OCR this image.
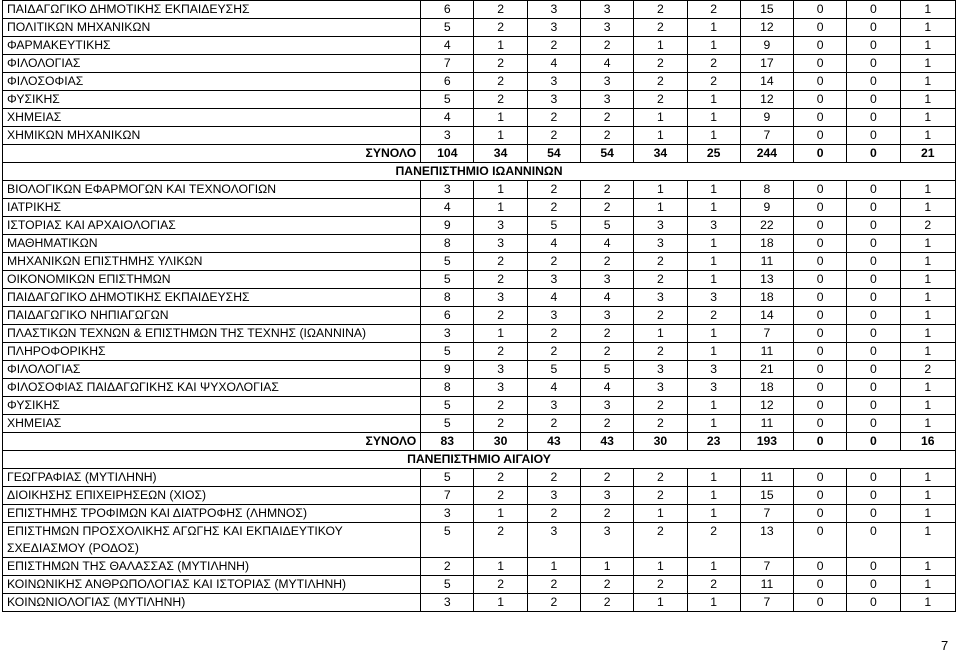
ΠΑΙΔΑΓΩΓΙΚΟ ΔΗΜΟΤΙΚΗΣ ΕΚΠΑΙΔΕΥΣΗΣ	6	2	3	3	2	2	15	0	0	1
ΠΟΛΙΤΙΚΩΝ ΜΗΧΑΝΙΚΩΝ	5	2	3	3	2	1	12	0	0	1
ΦΑΡΜΑΚΕΥΤΙΚΗΣ	4	1	2	2	1	1	9	0	0	1
ΦΙΛΟΛΟΓΙΑΣ	7	2	4	4	2	2	17	0	0	1
ΦΙΛΟΣΟΦΙΑΣ	6	2	3	3	2	2	14	0	0	1
ΦΥΣΙΚΗΣ	5	2	3	3	2	1	12	0	0	1
ΧΗΜΕΙΑΣ	4	1	2	2	1	1	9	0	0	1
ΧΗΜΙΚΩΝ ΜΗΧΑΝΙΚΩΝ	3	1	2	2	1	1	7	0	0	1
ΣΥΝΟΛΟ	104	34	54	54	34	25	244	0	0	21
ΠΑΝΕΠΙΣΤΗΜΙΟ ΙΩΑΝΝΙΝΩΝ										
ΒΙΟΛΟΓΙΚΩΝ ΕΦΑΡΜΟΓΩΝ ΚΑΙ ΤΕΧΝΟΛΟΓΙΩΝ	3	1	2	2	1	1	8	0	0	1
ΙΑΤΡΙΚΗΣ	4	1	2	2	1	1	9	0	0	1
ΙΣΤΟΡΙΑΣ ΚΑΙ ΑΡΧΑΙΟΛΟΓΙΑΣ	9	3	5	5	3	3	22	0	0	2
ΜΑΘΗΜΑΤΙΚΩΝ	8	3	4	4	3	1	18	0	0	1
ΜΗΧΑΝΙΚΩΝ ΕΠΙΣΤΗΜΗΣ ΥΛΙΚΩΝ	5	2	2	2	2	1	11	0	0	1
ΟΙΚΟΝΟΜΙΚΩΝ ΕΠΙΣΤΗΜΩΝ	5	2	3	3	2	1	13	0	0	1
ΠΑΙΔΑΓΩΓΙΚΟ ΔΗΜΟΤΙΚΗΣ ΕΚΠΑΙΔΕΥΣΗΣ	8	3	4	4	3	3	18	0	0	1
ΠΑΙΔΑΓΩΓΙΚΟ ΝΗΠΙΑΓΩΓΩΝ	6	2	3	3	2	2	14	0	0	1
ΠΛΑΣΤΙΚΩΝ ΤΕΧΝΩΝ & ΕΠΙΣΤΗΜΩΝ ΤΗΣ ΤΕΧΝΗΣ (ΙΩΑΝΝΙΝΑ)	3	1	2	2	1	1	7	0	0	1
ΠΛΗΡΟΦΟΡΙΚΗΣ	5	2	2	2	2	1	11	0	0	1
ΦΙΛΟΛΟΓΙΑΣ	9	3	5	5	3	3	21	0	0	2
ΦΙΛΟΣΟΦΙΑΣ ΠΑΙΔΑΓΩΓΙΚΗΣ ΚΑΙ ΨΥΧΟΛΟΓΙΑΣ	8	3	4	4	3	3	18	0	0	1
ΦΥΣΙΚΗΣ	5	2	3	3	2	1	12	0	0	1
ΧΗΜΕΙΑΣ	5	2	2	2	2	1	11	0	0	1
ΣΥΝΟΛΟ	83	30	43	43	30	23	193	0	0	16
ΠΑΝΕΠΙΣΤΗΜΙΟ ΑΙΓΑΙΟΥ										
ΓΕΩΓΡΑΦΙΑΣ (ΜΥΤΙΛΗΝΗ)	5	2	2	2	2	1	11	0	0	1
ΔΙΟΙΚΗΣΗΣ ΕΠΙΧΕΙΡΗΣΕΩΝ (ΧΙΟΣ)	7	2	3	3	2	1	15	0	0	1
ΕΠΙΣΤΗΜΗΣ ΤΡΟΦΙΜΩΝ ΚΑΙ ΔΙΑΤΡΟΦΗΣ (ΛΗΜΝΟΣ)	3	1	2	2	1	1	7	0	0	1
ΕΠΙΣΤΗΜΩΝ ΠΡΟΣΧΟΛΙΚΗΣ ΑΓΩΓΗΣ ΚΑΙ ΕΚΠΑΙΔΕΥΤΙΚΟΥ ΣΧΕΔΙΑΣΜΟΥ (ΡΟΔΟΣ)	5	2	3	3	2	2	13	0	0	1
ΕΠΙΣΤΗΜΩΝ ΤΗΣ ΘΑΛΑΣΣΑΣ (ΜΥΤΙΛΗΝΗ)	2	1	1	1	1	1	7	0	0	1
ΚΟΙΝΩΝΙΚΗΣ ΑΝΘΡΩΠΟΛΟΓΙΑΣ ΚΑΙ ΙΣΤΟΡΙΑΣ (ΜΥΤΙΛΗΝΗ)	5	2	2	2	2	2	11	0	0	1
ΚΟΙΝΩΝΙΟΛΟΓΙΑΣ (ΜΥΤΙΛΗΝΗ)	3	1	2	2	1	1	7	0	0	1
7
